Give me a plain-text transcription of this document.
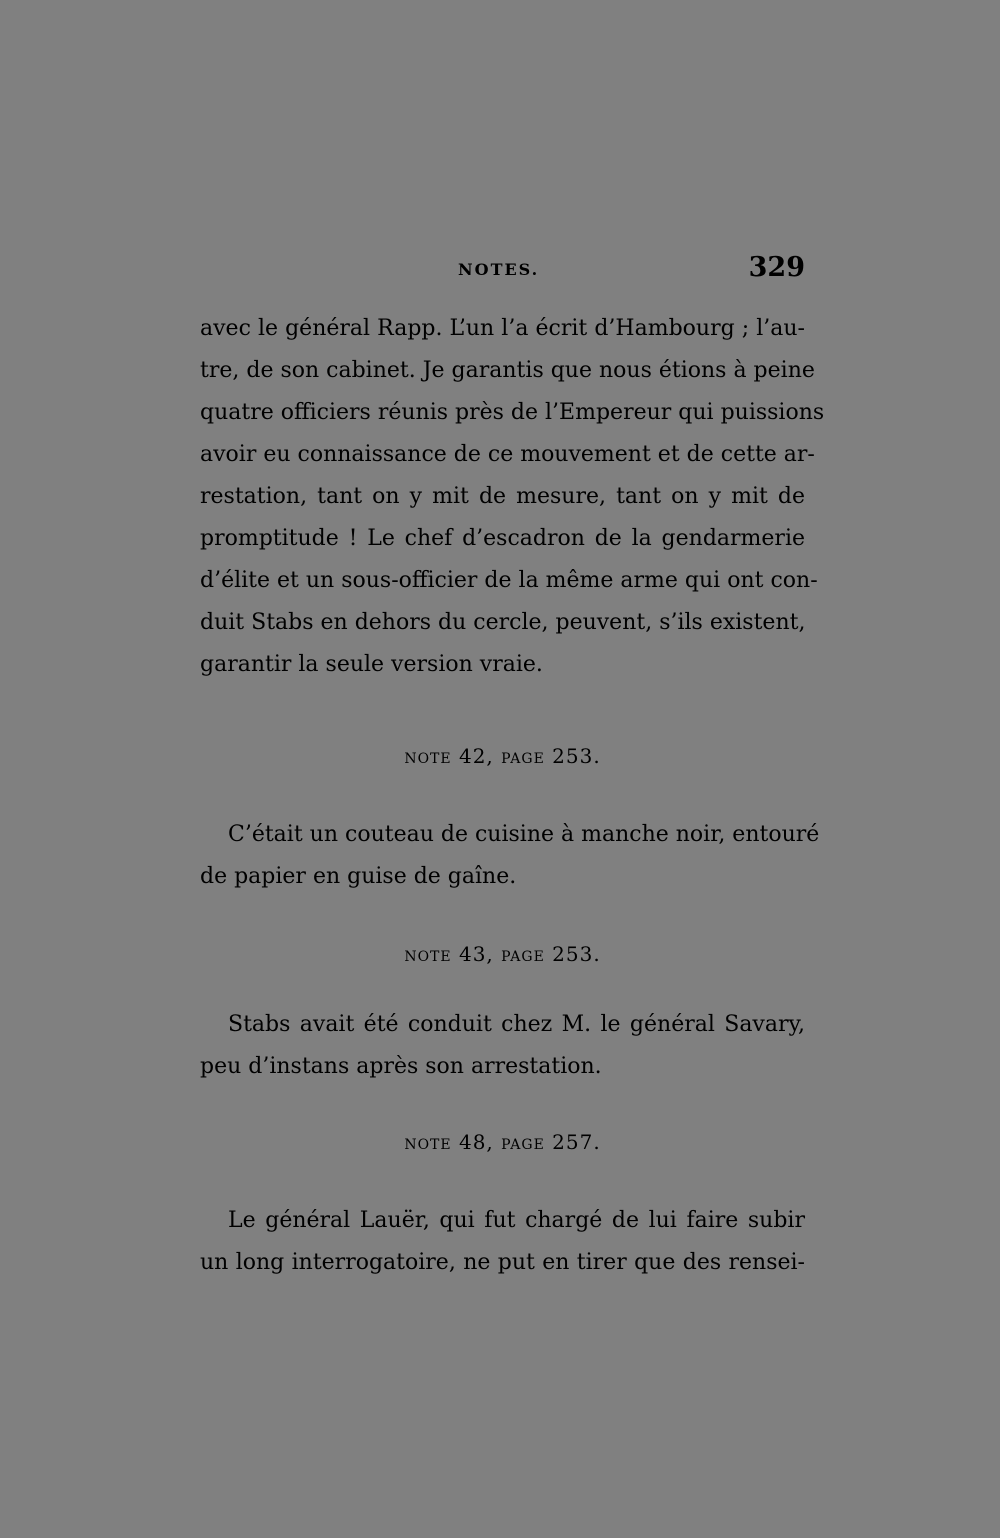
NOTES.	329
avec le général Rapp. L’un l’a écrit d’Hambourg ; l’au-
tre, de son cabinet. Je garantis que nous étions à peine
quatre officiers réunis près de l’Empereur qui puissions
avoir eu connaissance de ce mouvement et de cette ar-
restation, tant on y mit de mesure, tant on y mit de
promptitude ! Le chef d’escadron de la gendarmerie
d’élite et un sous-officier de la même arme qui ont con-
duit Stabs en dehors du cercle, peuvent, s’ils existent,
garantir la seule version vraie.
note 42, page 253.
C’était un couteau de cuisine à manche noir, entouré
de papier en guise de gaîne.
note 43, page 253.
Stabs avait été conduit chez M. le général Savary,
peu d’instans après son arrestation.
note 48, page 257.
Le général Lauër, qui fut chargé de lui faire subir
un long interrogatoire, ne put en tirer que des rensei-
